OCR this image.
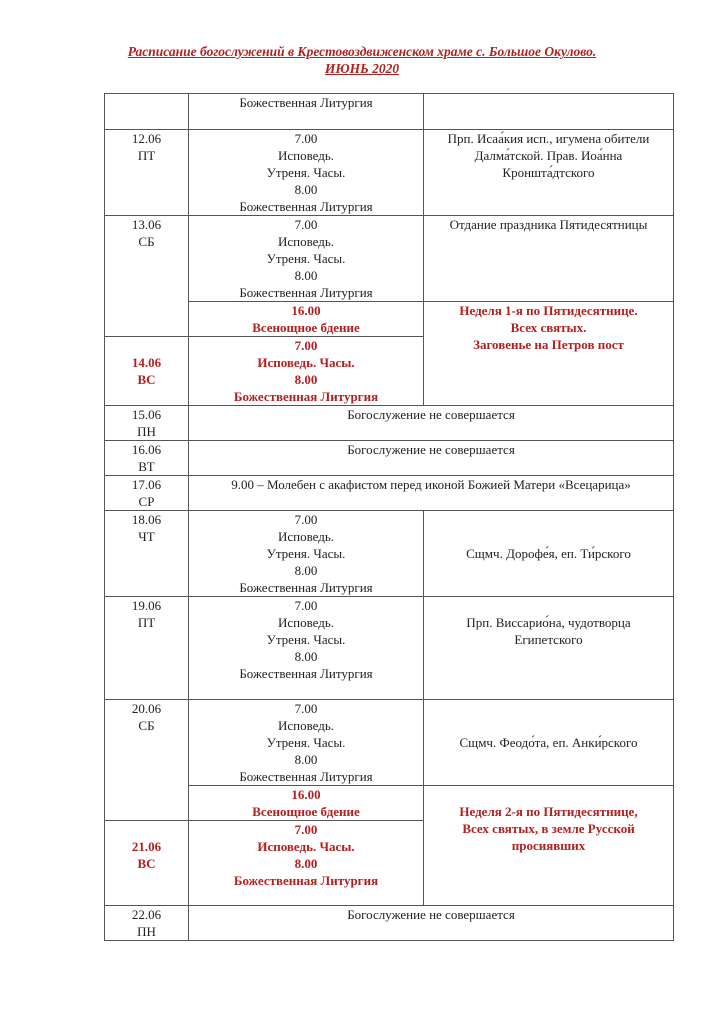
Расписание богослужений в Крестовоздвиженском храме с. Большое Окулово.
ИЮНЬ 2020

	Божественная Литургия	

12.06
ПТ	7.00
Исповедь.
Утреня. Часы.
8.00
Божественная Литургия	Прп. Исаа́кия исп., игумена обители
Далма́тской. Прав. Иоа́нна
Кроншта́дтского

13.06
СБ	7.00
Исповедь.
Утреня. Часы.
8.00
Божественная Литургия	Отдание праздника Пятидесятницы

	16.00
Всенощное бдение	Неделя 1-я по Пятидесятнице.
Всех святых.
Заговенье на Петров пост

14.06
ВС	7.00
Исповедь. Часы.
8.00
Божественная Литургия	

15.06
ПН	Богослужение не совершается	

16.06
ВТ	Богослужение не совершается	

17.06
СР	9.00 – Молебен с акафистом перед иконой Божией Матери «Всецарица»	

18.06
ЧТ	7.00
Исповедь.
Утреня. Часы.
8.00
Божественная Литургия	Сщмч. Дорофе́я, еп. Ти́рского

19.06
ПТ	7.00
Исповедь.
Утреня. Часы.
8.00
Божественная Литургия	Прп. Виссарио́на, чудотворца
Египетского

20.06
СБ	7.00
Исповедь.
Утреня. Часы.
8.00
Божественная Литургия	Сщмч. Феодо́та, еп. Анки́рского

	16.00
Всенощное бдение	Неделя 2-я по Пятидесятнице,
Всех святых, в земле Русской
просиявших

21.06
ВС	7.00
Исповедь. Часы.
8.00
Божественная Литургия	

22.06
ПН	Богослужение не совершается	
